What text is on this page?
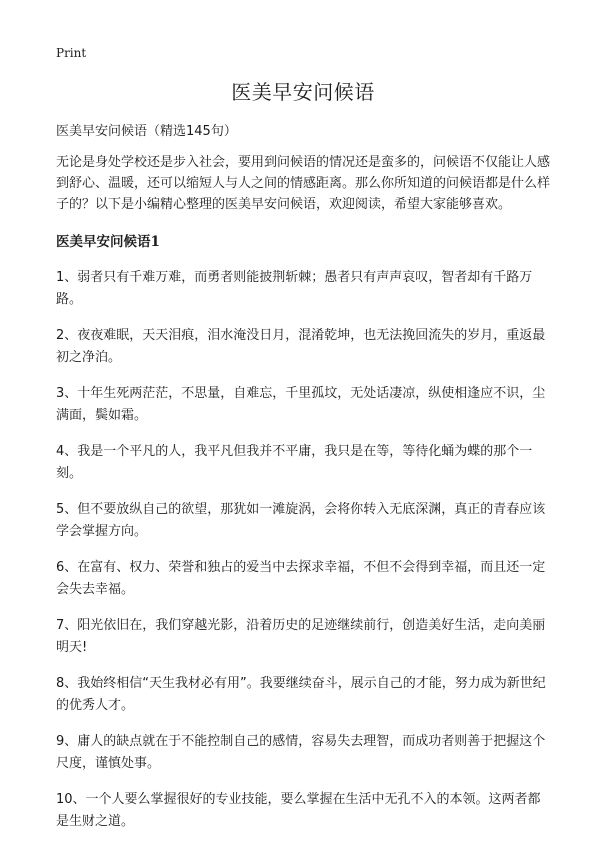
Print
医美早安问候语

医美早安问候语（精选145句）

无论是身处学校还是步入社会，要用到问候语的情况还是蛮多的，问候语不仅能让人感到舒心、温暖，还可以缩短人与人之间的情感距离。那么你所知道的问候语都是什么样子的？以下是小编精心整理的医美早安问候语，欢迎阅读，希望大家能够喜欢。

医美早安问候语1

1、弱者只有千难万难，而勇者则能披荆斩棘；愚者只有声声哀叹，智者却有千路万路。

2、夜夜难眠，天天泪痕，泪水淹没日月，混淆乾坤，也无法挽回流失的岁月，重返最初之净泊。

3、十年生死两茫茫，不思量，自难忘，千里孤坟，无处话凄凉，纵使相逢应不识，尘满面，鬓如霜。

4、我是一个平凡的人，我平凡但我并不平庸，我只是在等，等待化蛹为蝶的那个一刻。

5、但不要放纵自己的欲望，那犹如一滩旋涡，会将你转入无底深渊，真正的青春应该学会掌握方向。

6、在富有、权力、荣誉和独占的爱当中去探求幸福，不但不会得到幸福，而且还一定会失去幸福。

7、阳光依旧在，我们穿越光影，沿着历史的足迹继续前行，创造美好生活，走向美丽明天!

8、我始终相信“天生我材必有用”。我要继续奋斗，展示自己的才能，努力成为新世纪的优秀人才。

9、庸人的缺点就在于不能控制自己的感情，容易失去理智，而成功者则善于把握这个尺度，谨慎处事。

10、一个人要么掌握很好的专业技能，要么掌握在生活中无孔不入的本领。这两者都是生财之道。
